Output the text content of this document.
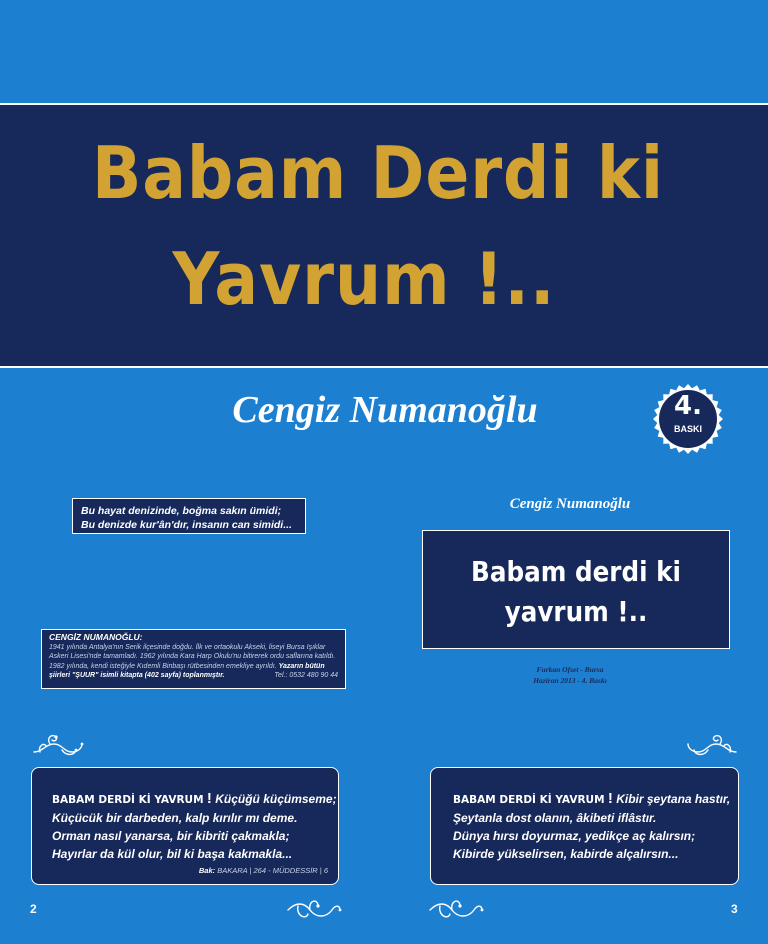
Babam Derdi ki
Yavrum !..
Cengiz Numanoğlu	4.
BASKI
Bu hayat denizinde, boğma sakın ümidi;
Bu denizde kur'ân'dır, insanın can simidi...
CENGİZ NUMANOĞLU:
1941 yılında Antalya'nın Serik ilçesinde doğdu. İlk ve ortaokulu Akseki, liseyi Bursa Işıklar Askeri Lisesi'nde tamamladı. 1962 yılında Kara Harp Okulu'nu bitirerek ordu saflarına katıldı. 1982 yılında, kendi isteğiyle Kıdemli Binbaşı rütbesinden emekliye ayrıldı. Yazarın bütün şiirleri "ŞUUR" isimli kitapta (402 sayfa) toplanmıştır.	Tel.: 0532 480 90 44
Cengiz Numanoğlu
Babam derdi ki
yavrum !..
Furkan Ofset - Bursa
Haziran 2013 - 4. Baskı
BABAM DERDİ Kİ YAVRUM ! Küçüğü küçümseme;
Küçücük bir darbeden, kalp kırılır mı deme.
Orman nasıl yanarsa, bir kibriti çakmakla;
Hayırlar da kül olur, bil ki başa kakmakla...
Bak: BAKARA | 264 - MÜDDESSİR | 6
BABAM DERDİ Kİ YAVRUM ! Kibir şeytana hastır,
Şeytanla dost olanın, âkibeti iflâstır.
Dünya hırsı doyurmaz, yedikçe aç kalırsın;
Kibirde yükselirsen, kabirde alçalırsın...
2	3
